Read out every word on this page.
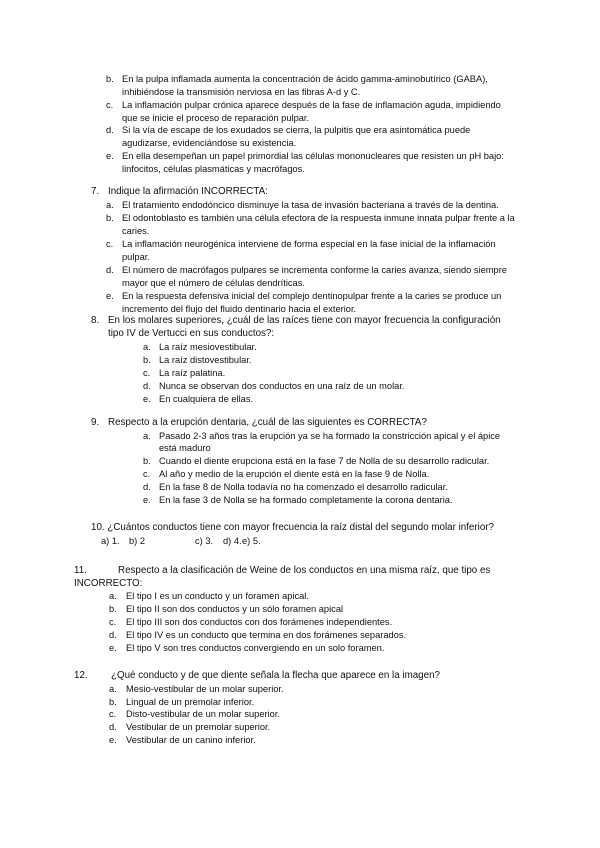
b. En la pulpa inflamada aumenta la concentración de ácido gamma-aminobutírico (GABA),
inhibiéndose la transmisión nerviosa en las fibras A-d y C.
c. La inflamación pulpar crónica aparece después de la fase de inflamación aguda, impidiendo
que se inicie el proceso de reparación pulpar.
d. Si la vía de escape de los exudados se cierra, la pulpitis que era asintomática puede
agudizarse, evidenciándose su existencia.
e. En ella desempeñan un papel primordial las células mononucleares que resisten un pH bajo:
linfocitos, células plasmáticas y macrófagos.
7. Indique la afirmación INCORRECTA:
a. El tratamiento endodóncico disminuye la tasa de invasión bacteriana a través de la dentina.
b. El odontoblasto es también una célula efectora de la respuesta inmune innata pulpar frente a la
caries.
c. La inflamación neurogénica interviene de forma especial en la fase inicial de la inflamación
pulpar.
d. El número de macrófagos pulpares se incrementa conforme la caries avanza, siendo siempre
mayor que el número de células dendríticas.
e. En la respuesta defensiva inicial del complejo dentinopulpar frente a la caries se produce un
incremento del flujo del fluido dentinario hacia el exterior.
8. En los molares superiores, ¿cuál de las raíces tiene con mayor frecuencia la configuración
tipo IV de Vertucci en sus conductos?:
a. La raíz mesiovestibular.
b. La raíz distovestibular.
c. La raíz palatina.
d. Nunca se observan dos conductos en una raíz de un molar.
e. En cualquiera de ellas.
9. Respecto a la erupción dentaria, ¿cuál de las siguientes es CORRECTA?
a. Pasado 2-3 años tras la erupción ya se ha formado la constricción apical y el ápice
está maduro
b. Cuando el diente erupciona está en la fase 7 de Nolla de su desarrollo radicular.
c. Al año y medio de la erupción el diente está en la fase 9 de Nolla.
d. En la fase 8 de Nolla todavía no ha comenzado el desarrollo radicular.
e. En la fase 3 de Nolla se ha formado completamente la corona dentaria.
10. ¿Cuántos conductos tiene con mayor frecuencia la raíz distal del segundo molar inferior?
a) 1. b) 2	c) 3. d) 4. e) 5.
11.	Respecto a la clasificación de Weine de los conductos en una misma raíz, que tipo es
INCORRECTO:
a. El tipo I es un conducto y un foramen apical.
b. El tipo II son dos conductos y un sólo foramen apical
c. El tipo III son dos conductos con dos forámenes independientes.
d. El tipo IV es un conducto que termina en dos forámenes separados.
e. El tipo V son tres conductos convergiendo en un solo foramen.
12. ¿Qué conducto y de que diente señala la flecha que aparece en la imagen?
a. Mesio-vestibular de un molar superior.
b. Lingual de un premolar inferior.
c. Disto-vestibular de un molar superior.
d. Vestibular de un premolar superior.
e. Vestibular de un canino inferior.
